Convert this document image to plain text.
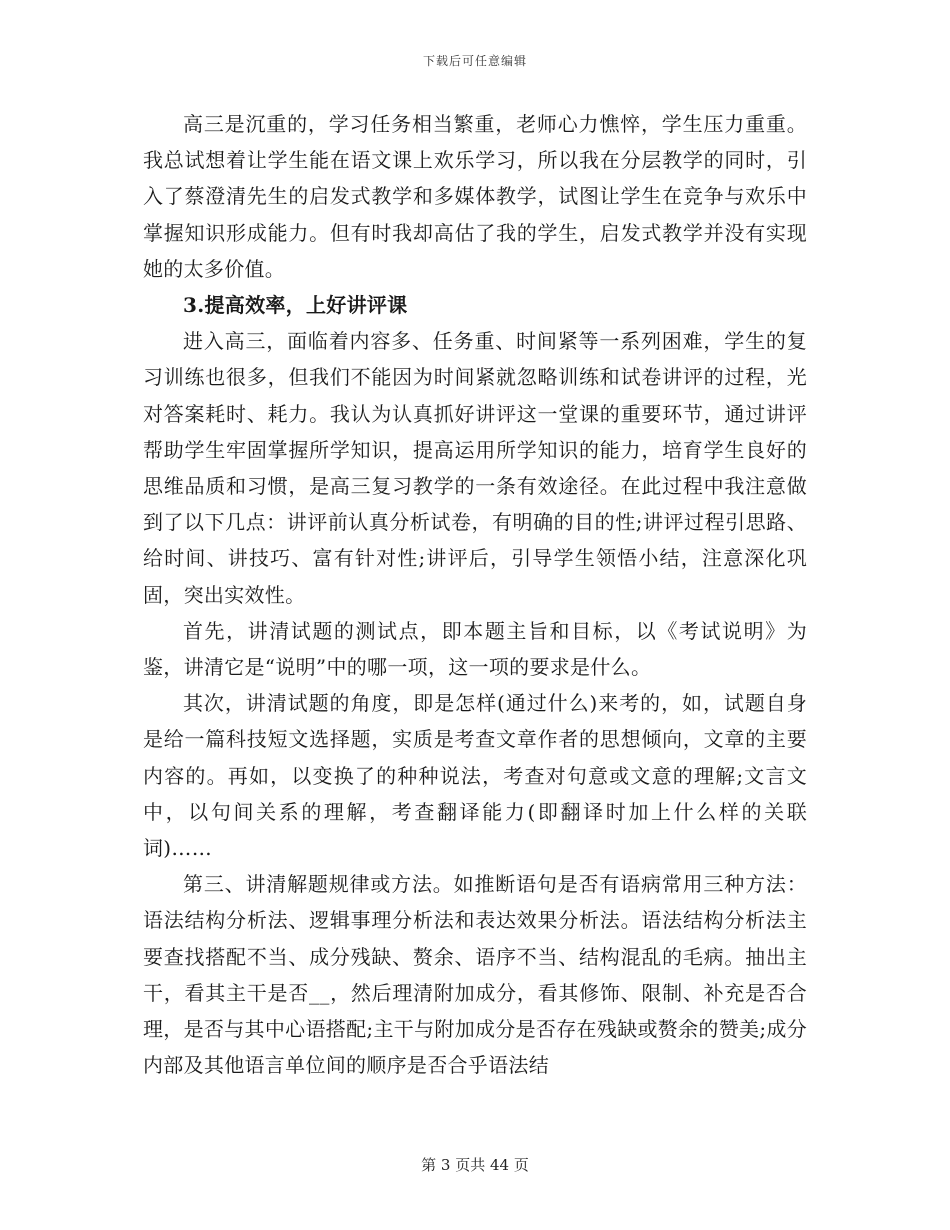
下载后可任意编辑

高三是沉重的，学习任务相当繁重，老师心力憔悴，学生压力重重。我总试想着让学生能在语文课上欢乐学习，所以我在分层教学的同时，引入了蔡澄清先生的启发式教学和多媒体教学，试图让学生在竞争与欢乐中掌握知识形成能力。但有时我却高估了我的学生，启发式教学并没有实现她的太多价值。

3.提高效率，上好讲评课

进入高三，面临着内容多、任务重、时间紧等一系列困难，学生的复习训练也很多，但我们不能因为时间紧就忽略训练和试卷讲评的过程，光对答案耗时、耗力。我认为认真抓好讲评这一堂课的重要环节，通过讲评帮助学生牢固掌握所学知识，提高运用所学知识的能力，培育学生良好的思维品质和习惯，是高三复习教学的一条有效途径。在此过程中我注意做到了以下几点：讲评前认真分析试卷，有明确的目的性;讲评过程引思路、给时间、讲技巧、富有针对性;讲评后，引导学生领悟小结，注意深化巩固，突出实效性。

首先，讲清试题的测试点，即本题主旨和目标，以《考试说明》为鉴，讲清它是“说明”中的哪一项，这一项的要求是什么。

其次，讲清试题的角度，即是怎样(通过什么)来考的，如，试题自身是给一篇科技短文选择题，实质是考查文章作者的思想倾向，文章的主要内容的。再如，以变换了的种种说法，考查对句意或文意的理解;文言文中，以句间关系的理解，考查翻译能力(即翻译时加上什么样的关联词)……

第三、讲清解题规律或方法。如推断语句是否有语病常用三种方法：语法结构分析法、逻辑事理分析法和表达效果分析法。语法结构分析法主要查找搭配不当、成分残缺、赘余、语序不当、结构混乱的毛病。抽出主干，看其主干是否__，然后理清附加成分，看其修饰、限制、补充是否合理，是否与其中心语搭配;主干与附加成分是否存在残缺或赘余的赞美;成分内部及其他语言单位间的顺序是否合乎语法结

第 3 页共 44 页
